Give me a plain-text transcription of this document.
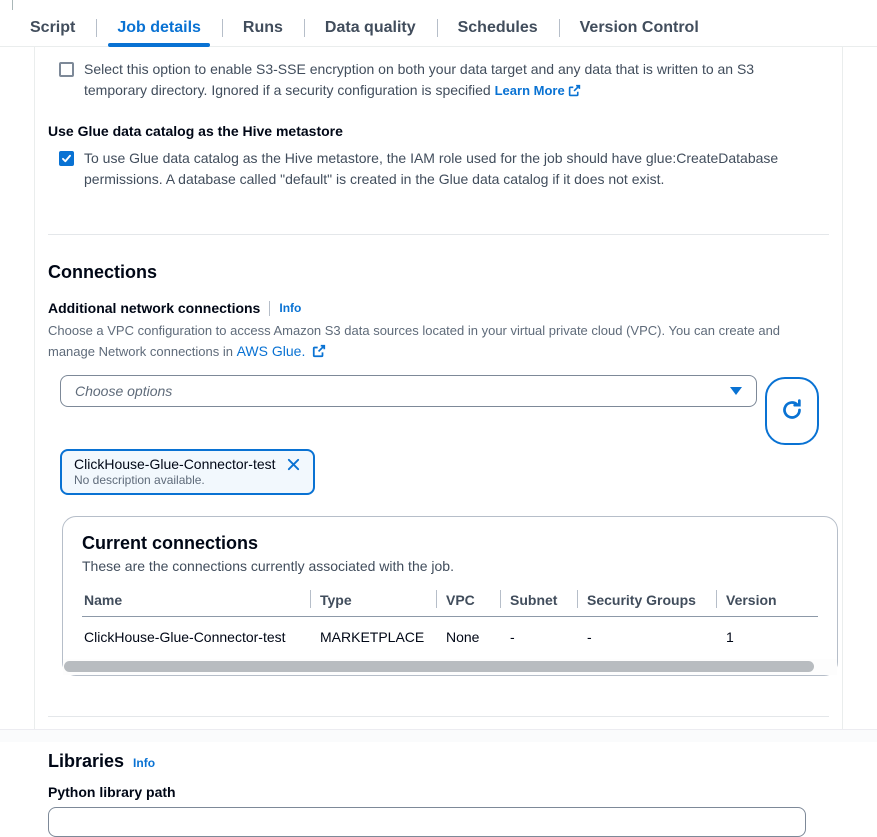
Script	Job details	Runs	Data quality	Schedules	Version Control
Select this option to enable S3-SSE encryption on both your data target and any data that is written to an S3 temporary directory. Ignored if a security configuration is specified Learn More
Use Glue data catalog as the Hive metastore
To use Glue data catalog as the Hive metastore, the IAM role used for the job should have glue:CreateDatabase permissions. A database called "default" is created in the Glue data catalog if it does not exist.
Connections
Additional network connections Info
Choose a VPC configuration to access Amazon S3 data sources located in your virtual private cloud (VPC). You can create and manage Network connections in AWS Glue.
Choose options
ClickHouse-Glue-Connector-test
No description available.
Current connections
These are the connections currently associated with the job.
Name	Type	VPC	Subnet	Security Groups	Version
ClickHouse-Glue-Connector-test	MARKETPLACE	None	-	-	1
Libraries Info
Python library path
